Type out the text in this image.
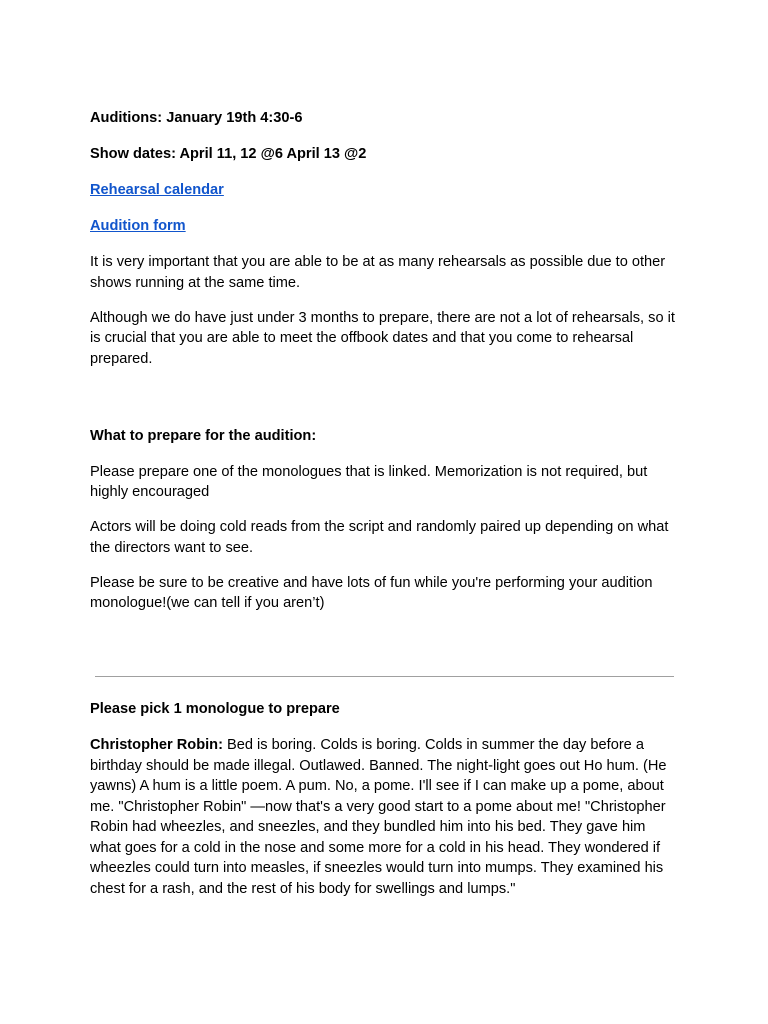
Auditions: January 19th 4:30-6
Show dates: April 11, 12 @6 April 13 @2
Rehearsal calendar
Audition form

It is very important that you are able to be at as many rehearsals as possible due to other shows running at the same time.

Although we do have just under 3 months to prepare, there are not a lot of rehearsals, so it is crucial that you are able to meet the offbook dates and that you come to rehearsal prepared.

What to prepare for the audition:

Please prepare one of the monologues that is linked. Memorization is not required, but highly encouraged

Actors will be doing cold reads from the script and randomly paired up depending on what the directors want to see.

Please be sure to be creative and have lots of fun while you're performing your audition monologue!(we can tell if you aren’t)

Please pick 1 monologue to prepare

Christopher Robin: Bed is boring. Colds is boring. Colds in summer the day before a birthday should be made illegal. Outlawed. Banned. The night-light goes out Ho hum. (He yawns) A hum is a little poem. A pum. No, a pome. I'll see if I can make up a pome, about me. "Christopher Robin" —now that's a very good start to a pome about me! "Christopher Robin had wheezles, and sneezles, and they bundled him into his bed. They gave him what goes for a cold in the nose and some more for a cold in his head. They wondered if wheezles could turn into measles, if sneezles would turn into mumps. They examined his chest for a rash, and the rest of his body for swellings and lumps."
